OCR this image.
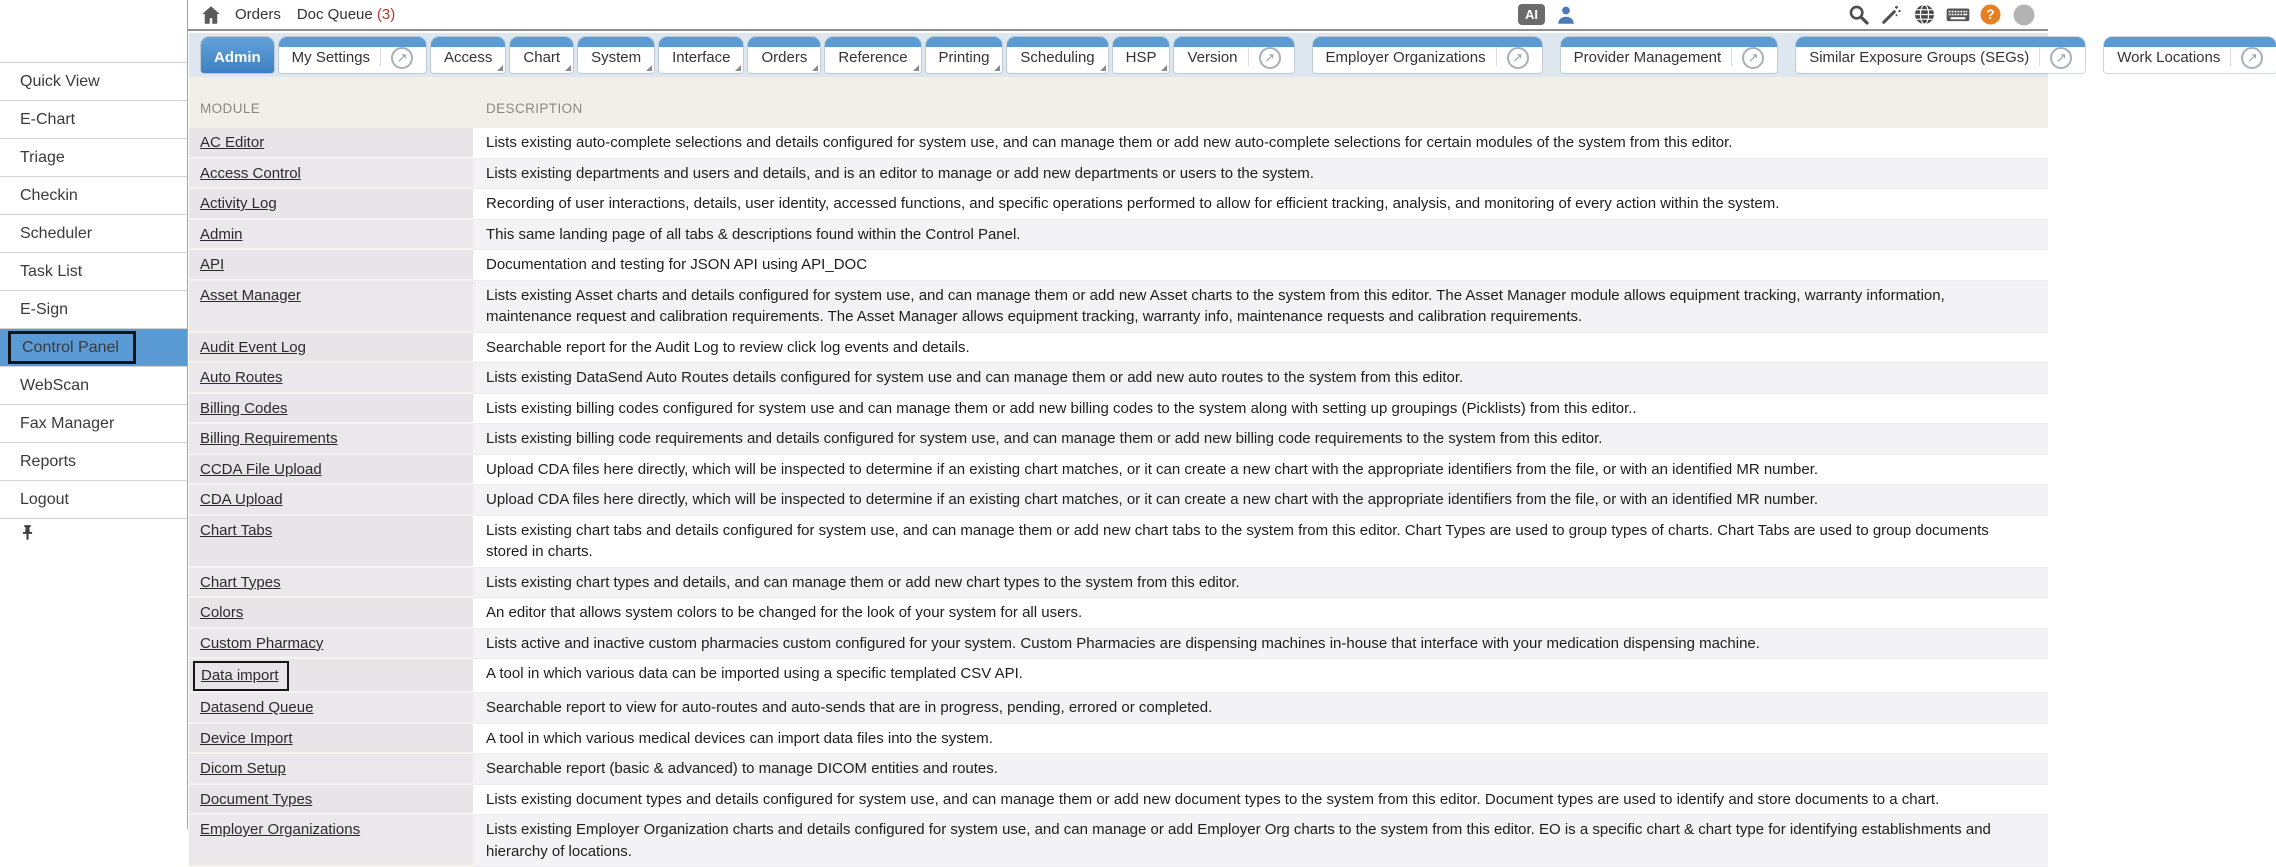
Quick View
E-Chart
Triage
Checkin
Scheduler
Task List
E-Sign
Control Panel
WebScan
Fax Manager
Reports
Logout
Orders Doc Queue (3)	AI	?
Admin My Settings	↗	Access Chart System Interface Orders Reference Printing Scheduling HSP Version	↗	Employer Organizations	↗	Provider Management	↗	Similar Exposure Groups (SEGs)	↗	Work Locations	↗
MODULE	DESCRIPTION
AC Editor	Lists existing auto-complete selections and details configured for system use, and can manage them or add new auto-complete selections for certain modules of the system from this editor.
Access Control	Lists existing departments and users and details, and is an editor to manage or add new departments or users to the system.
Activity Log	Recording of user interactions, details, user identity, accessed functions, and specific operations performed to allow for efficient tracking, analysis, and monitoring of every action within the system.
Admin	This same landing page of all tabs & descriptions found within the Control Panel.
API	Documentation and testing for JSON API using API_DOC
Asset Manager	Lists existing Asset charts and details configured for system use, and can manage them or add new Asset charts to the system from this editor. The Asset Manager module allows equipment tracking, warranty information, maintenance request and calibration requirements. The Asset Manager allows equipment tracking, warranty info, maintenance requests and calibration requirements.
Audit Event Log	Searchable report for the Audit Log to review click log events and details.
Auto Routes	Lists existing DataSend Auto Routes details configured for system use and can manage them or add new auto routes to the system from this editor.
Billing Codes	Lists existing billing codes configured for system use and can manage them or add new billing codes to the system along with setting up groupings (Picklists) from this editor..
Billing Requirements	Lists existing billing code requirements and details configured for system use, and can manage them or add new billing code requirements to the system from this editor.
CCDA File Upload	Upload CDA files here directly, which will be inspected to determine if an existing chart matches, or it can create a new chart with the appropriate identifiers from the file, or with an identified MR number.
CDA Upload	Upload CDA files here directly, which will be inspected to determine if an existing chart matches, or it can create a new chart with the appropriate identifiers from the file, or with an identified MR number.
Chart Tabs	Lists existing chart tabs and details configured for system use, and can manage them or add new chart tabs to the system from this editor. Chart Types are used to group types of charts. Chart Tabs are used to group documents stored in charts.
Chart Types	Lists existing chart types and details, and can manage them or add new chart types to the system from this editor.
Colors	An editor that allows system colors to be changed for the look of your system for all users.
Custom Pharmacy	Lists active and inactive custom pharmacies custom configured for your system. Custom Pharmacies are dispensing machines in-house that interface with your medication dispensing machine.
Data import	A tool in which various data can be imported using a specific templated CSV API.
Datasend Queue	Searchable report to view for auto-routes and auto-sends that are in progress, pending, errored or completed.
Device Import	A tool in which various medical devices can import data files into the system.
Dicom Setup	Searchable report (basic & advanced) to manage DICOM entities and routes.
Document Types	Lists existing document types and details configured for system use, and can manage them or add new document types to the system from this editor. Document types are used to identify and store documents to a chart.
Employer Organizations	Lists existing Employer Organization charts and details configured for system use, and can manage or add Employer Org charts to the system from this editor. EO is a specific chart & chart type for identifying establishments and hierarchy of locations.
